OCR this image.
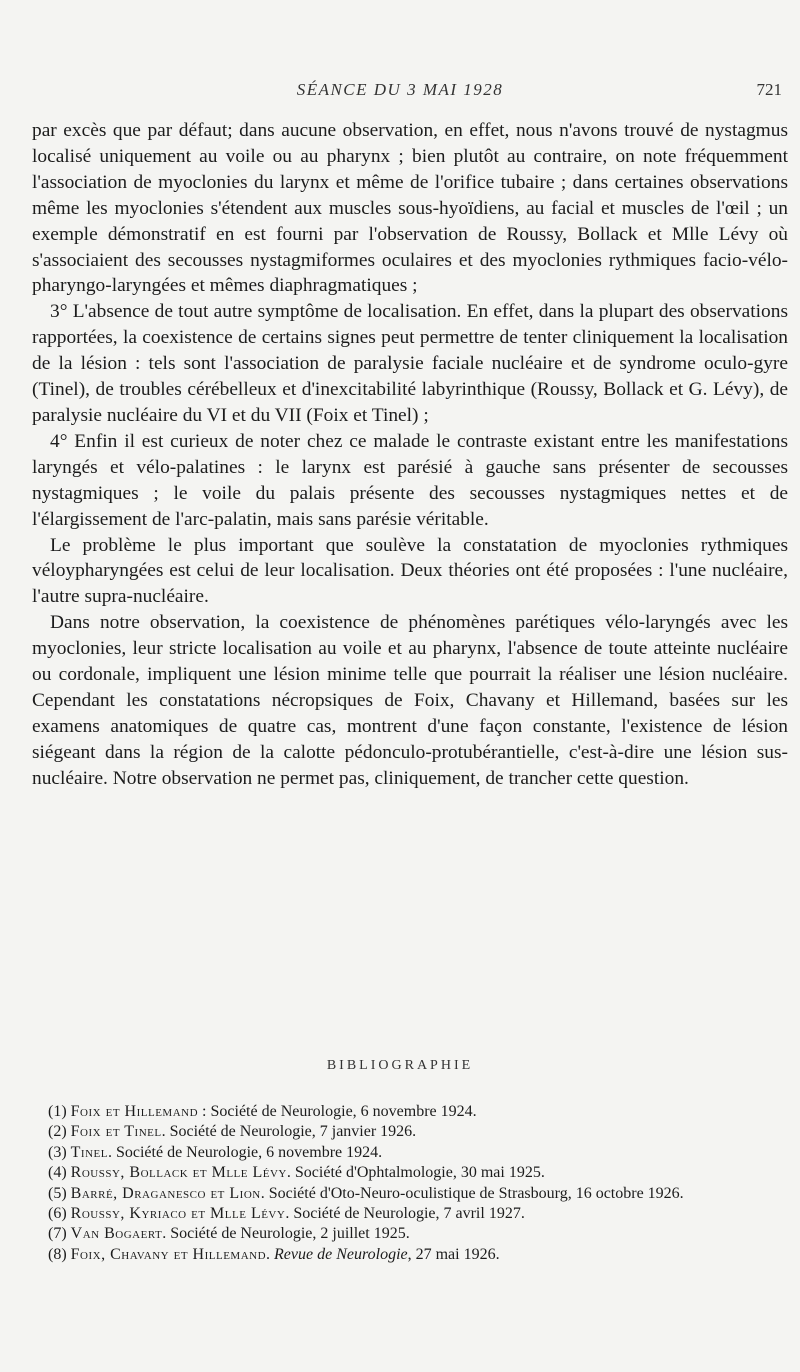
SÉANCE DU 3 MAI 1928	721

par excès que par défaut; dans aucune observation, en effet, nous n'avons trouvé de nystagmus localisé uniquement au voile ou au pharynx ; bien plutôt au contraire, on note fréquemment l'association de myoclonies du larynx et même de l'orifice tubaire ; dans certaines observations même les myoclonies s'étendent aux muscles sous-hyoïdiens, au facial et muscles de l'œil ; un exemple démonstratif en est fourni par l'observation de Roussy, Bollack et Mlle Lévy où s'associaient des secousses nystagmiformes oculaires et des myoclonies rythmiques facio-vélo-pharyngo-laryngées et mêmes diaphragmatiques ;

3° L'absence de tout autre symptôme de localisation. En effet, dans la plupart des observations rapportées, la coexistence de certains signes peut permettre de tenter cliniquement la localisation de la lésion : tels sont l'association de paralysie faciale nucléaire et de syndrome oculo-gyre (Tinel), de troubles cérébelleux et d'inexcitabilité labyrinthique (Roussy, Bollack et G. Lévy), de paralysie nucléaire du VI et du VII (Foix et Tinel) ;

4° Enfin il est curieux de noter chez ce malade le contraste existant entre les manifestations laryngés et vélo-palatines : le larynx est parésié à gauche sans présenter de secousses nystagmiques ; le voile du palais présente des secousses nystagmiques nettes et de l'élargissement de l'arc-palatin, mais sans parésie véritable.

Le problème le plus important que soulève la constatation de myoclonies rythmiques véloypharyngées est celui de leur localisation. Deux théories ont été proposées : l'une nucléaire, l'autre supra-nucléaire.

Dans notre observation, la coexistence de phénomènes parétiques vélo-laryngés avec les myoclonies, leur stricte localisation au voile et au pharynx, l'absence de toute atteinte nucléaire ou cordonale, impliquent une lésion minime telle que pourrait la réaliser une lésion nucléaire. Cependant les constatations nécropsiques de Foix, Chavany et Hillemand, basées sur les examens anatomiques de quatre cas, montrent d'une façon constante, l'existence de lésion siégeant dans la région de la calotte pédonculo-protubérantielle, c'est-à-dire une lésion sus-nucléaire. Notre observation ne permet pas, cliniquement, de trancher cette question.

BIBLIOGRAPHIE

(1) Foix et Hillemand : Société de Neurologie, 6 novembre 1924.

(2) Foix et Tinel. Société de Neurologie, 7 janvier 1926.

(3) Tinel. Société de Neurologie, 6 novembre 1924.

(4) Roussy, Bollack et Mlle Lévy. Société d'Ophtalmologie, 30 mai 1925.

(5) Barré, Draganesco et Lion. Société d'Oto-Neuro-oculistique de Strasbourg, 16 octobre 1926.

(6) Roussy, Kyriaco et Mlle Lévy. Société de Neurologie, 7 avril 1927.

(7) Van Bogaert. Société de Neurologie, 2 juillet 1925.

(8) Foix, Chavany et Hillemand. Revue de Neurologie, 27 mai 1926.
